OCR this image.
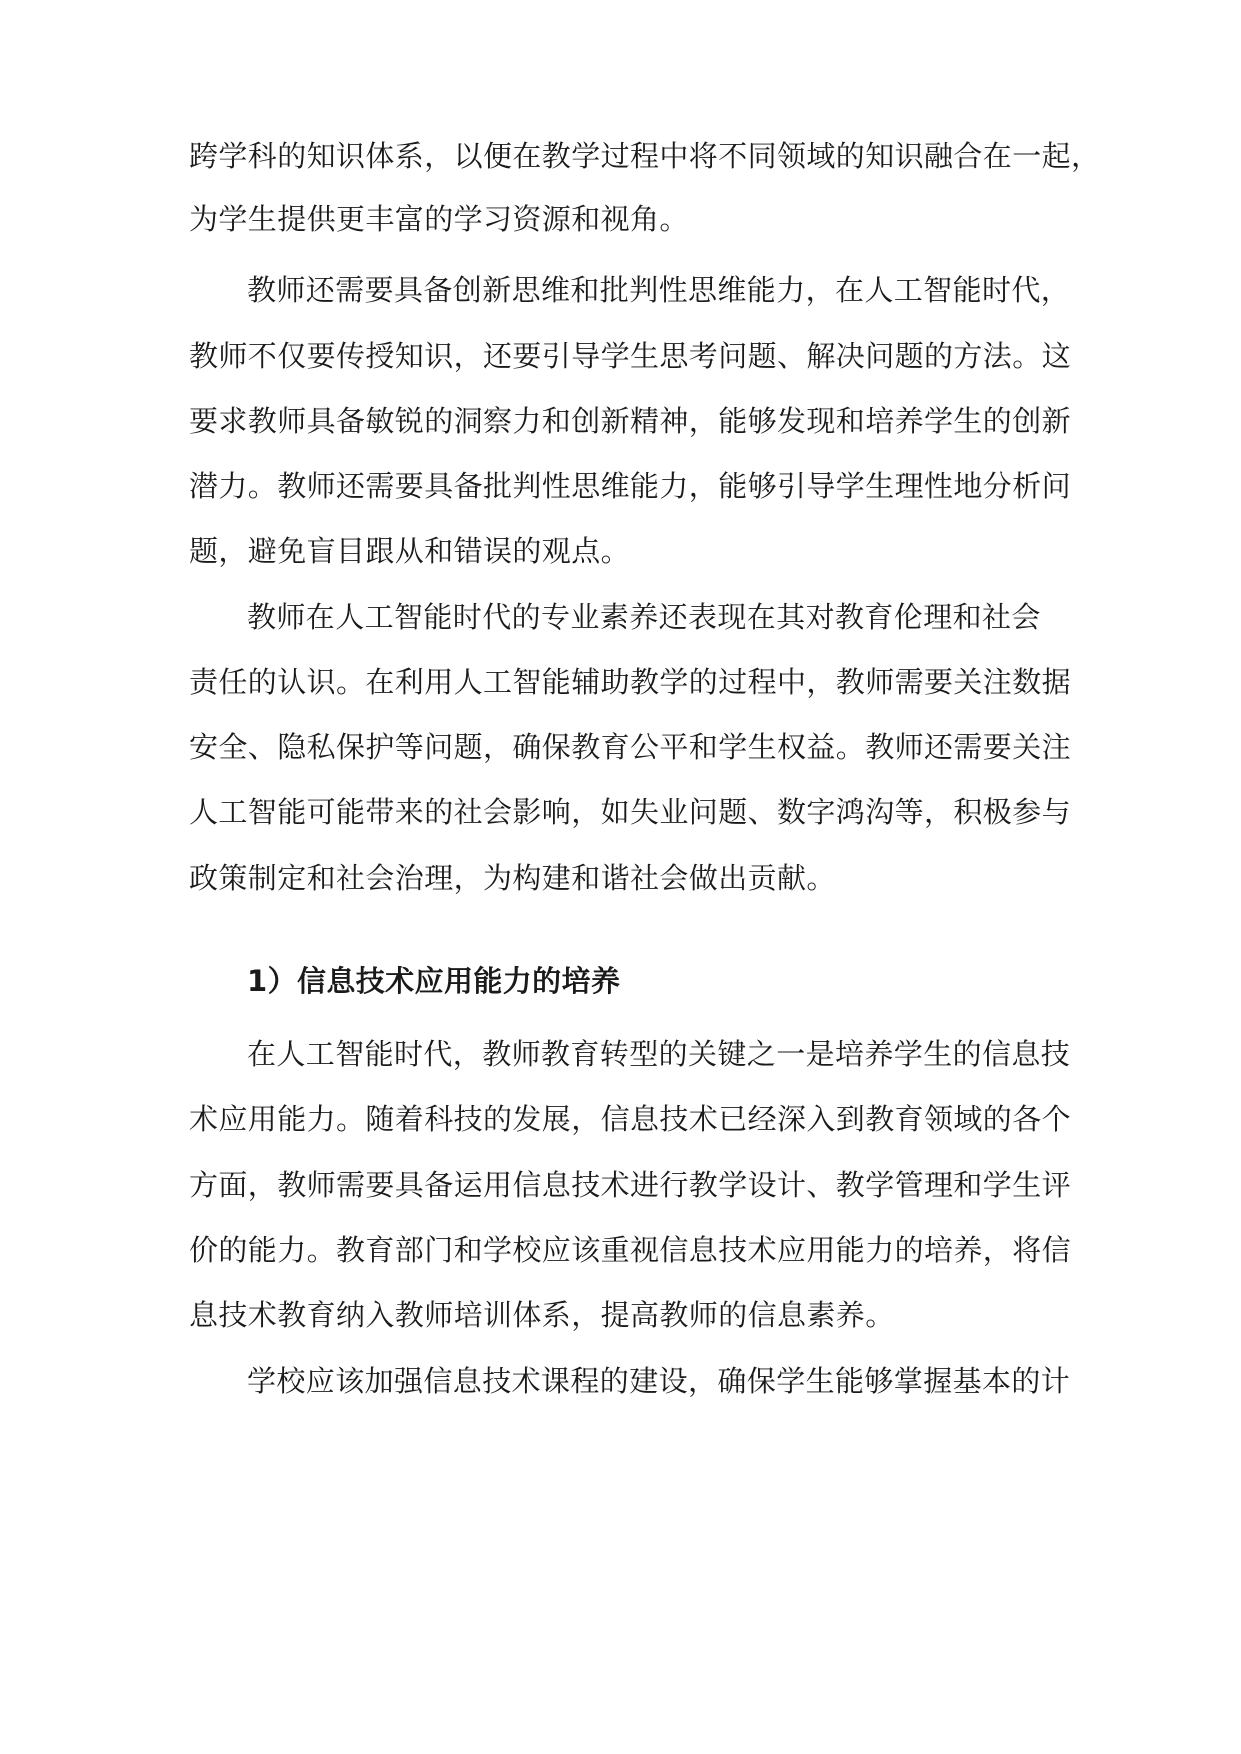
跨学科的知识体系，以便在教学过程中将不同领域的知识融合在一起，

为学生提供更丰富的学习资源和视角。

教师还需要具备创新思维和批判性思维能力，在人工智能时代，

教师不仅要传授知识，还要引导学生思考问题、解决问题的方法。这

要求教师具备敏锐的洞察力和创新精神，能够发现和培养学生的创新

潜力。教师还需要具备批判性思维能力，能够引导学生理性地分析问

题，避免盲目跟从和错误的观点。

教师在人工智能时代的专业素养还表现在其对教育伦理和社会

责任的认识。在利用人工智能辅助教学的过程中，教师需要关注数据

安全、隐私保护等问题，确保教育公平和学生权益。教师还需要关注

人工智能可能带来的社会影响，如失业问题、数字鸿沟等，积极参与

政策制定和社会治理，为构建和谐社会做出贡献。

1）信息技术应用能力的培养

在人工智能时代，教师教育转型的关键之一是培养学生的信息技

术应用能力。随着科技的发展，信息技术已经深入到教育领域的各个

方面，教师需要具备运用信息技术进行教学设计、教学管理和学生评

价的能力。教育部门和学校应该重视信息技术应用能力的培养，将信

息技术教育纳入教师培训体系，提高教师的信息素养。

学校应该加强信息技术课程的建设，确保学生能够掌握基本的计
